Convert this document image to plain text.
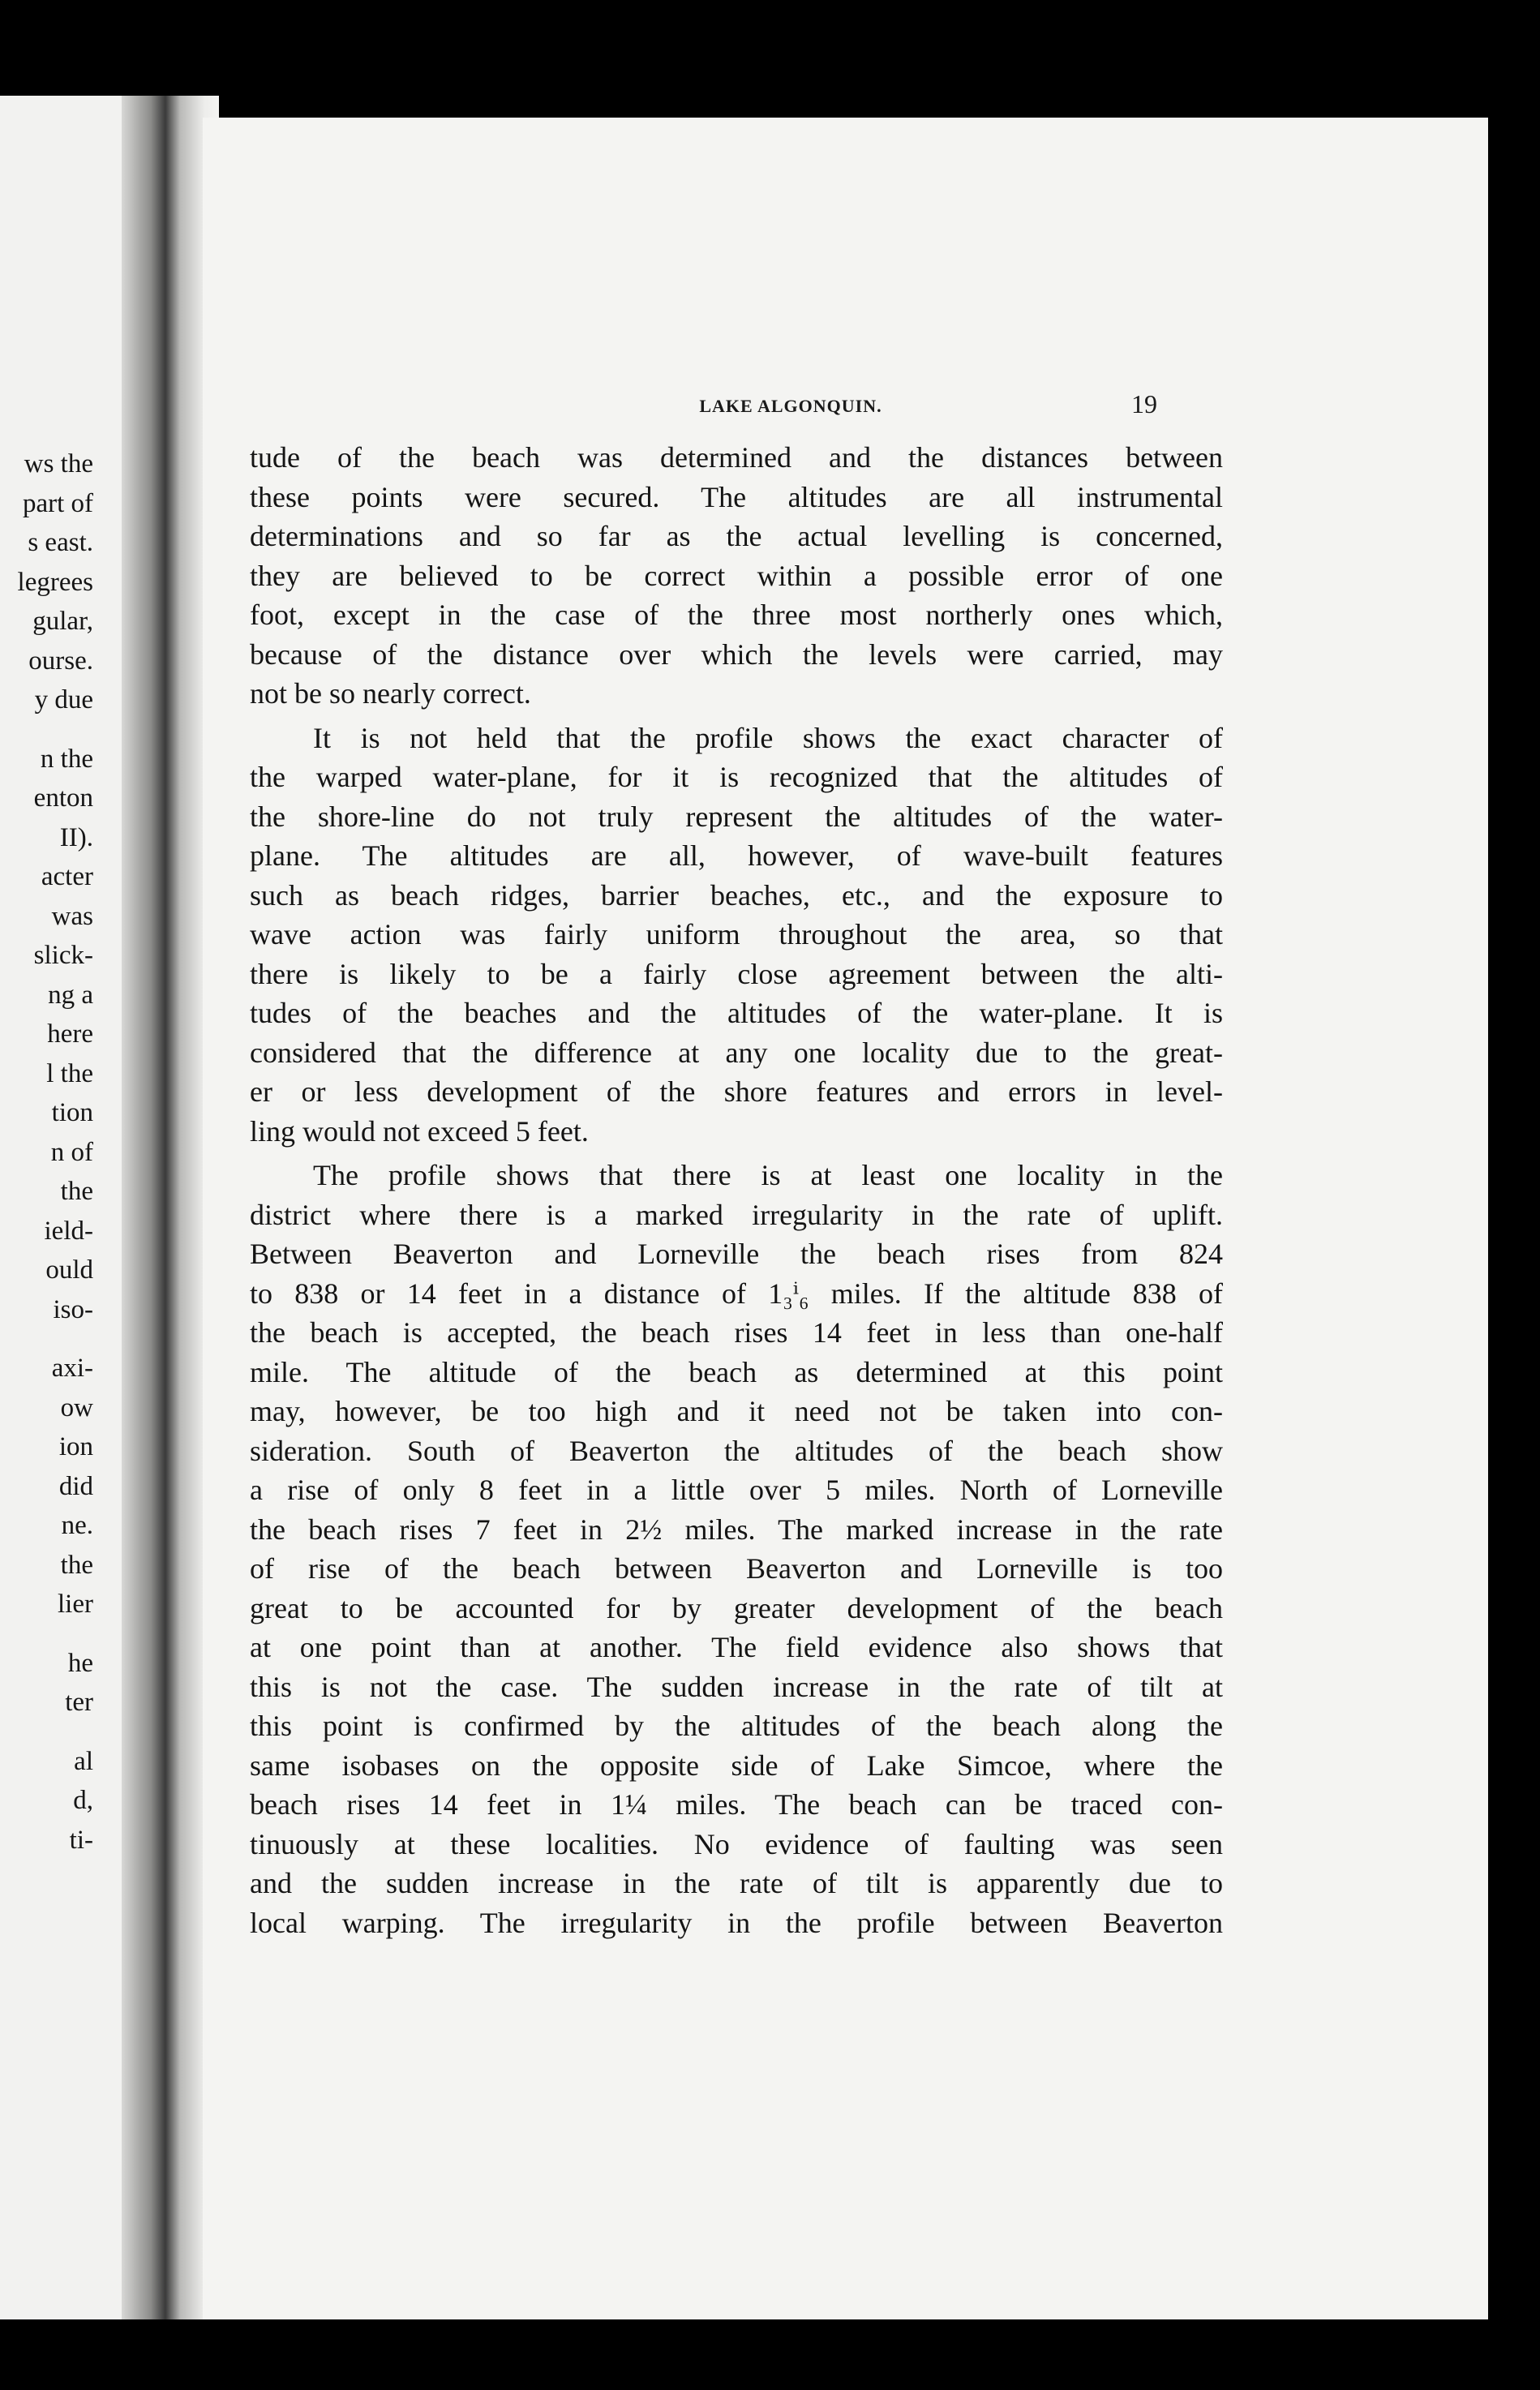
ws the
part of
s east.
legrees
gular,
ourse.
y due
n the
enton
II).
acter
was
slick-
ng a
here
l the
tion
n of
the
ield-
ould
iso-
axi-
ow
ion
did
ne.
the
lier
he
ter
al
d,
ti-
LAKE ALGONQUIN.	19
tude of the beach was determined and the distances between
these points were secured. The altitudes are all instrumental
determinations and so far as the actual levelling is concerned,
they are believed to be correct within a possible error of one
foot, except in the case of the three most northerly ones which,
because of the distance over which the levels were carried, may
not be so nearly correct.
It is not held that the profile shows the exact character of
the warped water-plane, for it is recognized that the altitudes of
the shore-line do not truly represent the altitudes of the water-
plane. The altitudes are all, however, of wave-built features
such as beach ridges, barrier beaches, etc., and the exposure to
wave action was fairly uniform throughout the area, so that
there is likely to be a fairly close agreement between the alti-
tudes of the beaches and the altitudes of the water-plane. It is
considered that the difference at any one locality due to the great-
er or less development of the shore features and errors in level-
ling would not exceed 5 feet.
The profile shows that there is at least one locality in the
district where there is a marked irregularity in the rate of uplift.
Between Beaverton and Lorneville the beach rises from 824
to 838 or 14 feet in a distance of 1₃ⁱ₆ miles. If the altitude 838 of
the beach is accepted, the beach rises 14 feet in less than one-half
mile. The altitude of the beach as determined at this point
may, however, be too high and it need not be taken into con-
sideration. South of Beaverton the altitudes of the beach show
a rise of only 8 feet in a little over 5 miles. North of Lorneville
the beach rises 7 feet in 2½ miles. The marked increase in the rate
of rise of the beach between Beaverton and Lorneville is too
great to be accounted for by greater development of the beach
at one point than at another. The field evidence also shows that
this is not the case. The sudden increase in the rate of tilt at
this point is confirmed by the altitudes of the beach along the
same isobases on the opposite side of Lake Simcoe, where the
beach rises 14 feet in 1¼ miles. The beach can be traced con-
tinuously at these localities. No evidence of faulting was seen
and the sudden increase in the rate of tilt is apparently due to
local warping. The irregularity in the profile between Beaverton
